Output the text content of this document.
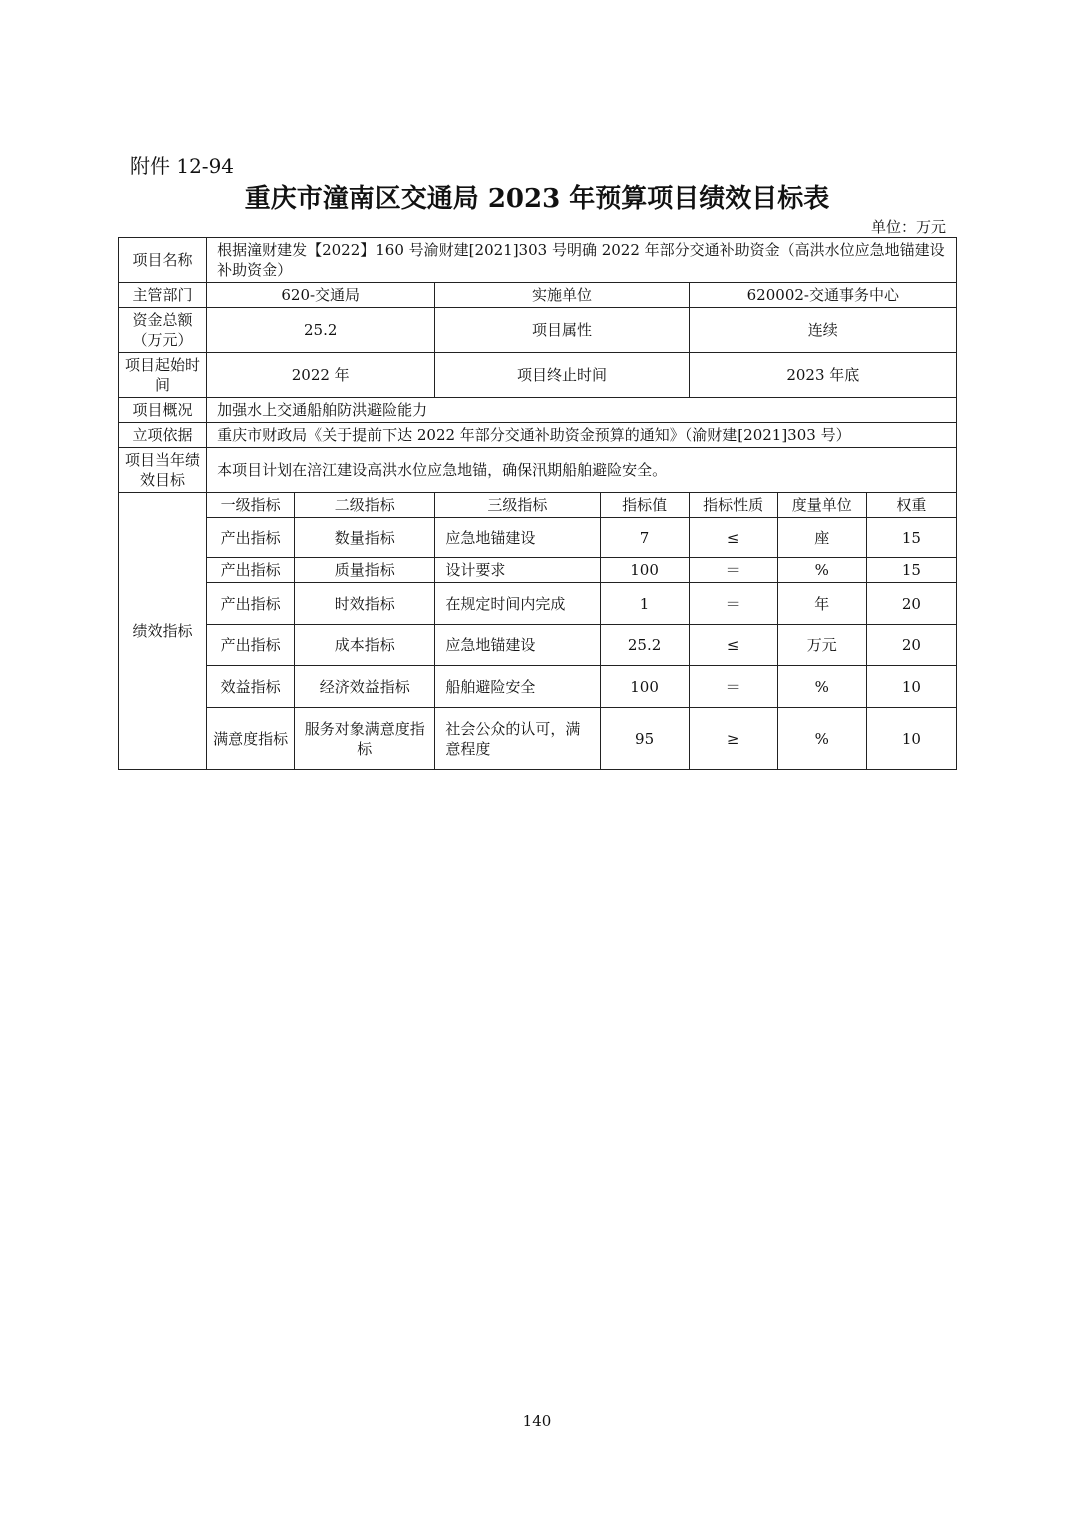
附件 12-94
重庆市潼南区交通局 2023 年预算项目绩效目标表
单位：万元
项目名称	根据潼财建发【2022】160 号渝财建[2021]303 号明确 2022 年部分交通补助资金（高洪水位应急地锚建设补助资金）						
主管部门	620-交通局		实施单位		620002-交通事务中心		
资金总额（万元）	25.2		项目属性		连续		
项目起始时间	2022 年		项目终止时间		2023 年底		
项目概况	加强水上交通船舶防洪避险能力						
立项依据	重庆市财政局《关于提前下达 2022 年部分交通补助资金预算的通知》（渝财建[2021]303 号）						
项目当年绩效目标	本项目计划在涪江建设高洪水位应急地锚，确保汛期船舶避险安全。						
绩效指标	一级指标	二级指标	三级指标	指标值	指标性质	度量单位	权重
	产出指标	数量指标	应急地锚建设	7	≤	座	15
	产出指标	质量指标	设计要求	100	＝	%	15
	产出指标	时效指标	在规定时间内完成	1	＝	年	20
	产出指标	成本指标	应急地锚建设	25.2	≤	万元	20
	效益指标	经济效益指标	船舶避险安全	100	＝	%	10
	满意度指标	服务对象满意度指标	社会公众的认可，满意程度	95	≥	%	10
140
